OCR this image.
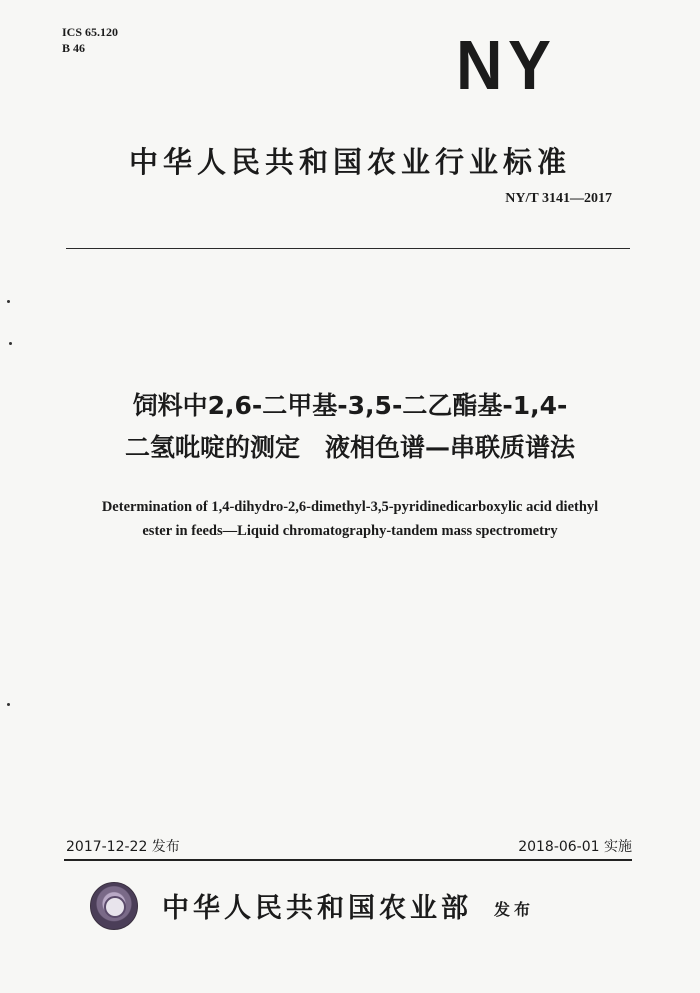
ICS 65.120
B 46	NY
中华人民共和国农业行业标准
NY/T 3141—2017
饲料中2,6-二甲基-3,5-二乙酯基-1,4-
二氢吡啶的测定　液相色谱—串联质谱法
Determination of 1,4-dihydro-2,6-dimethyl-3,5-pyridinedicarboxylic acid diethyl
ester in feeds—Liquid chromatography-tandem mass spectrometry
2017-12-22 发布	2018-06-01 实施
中华人民共和国农业部 发布
